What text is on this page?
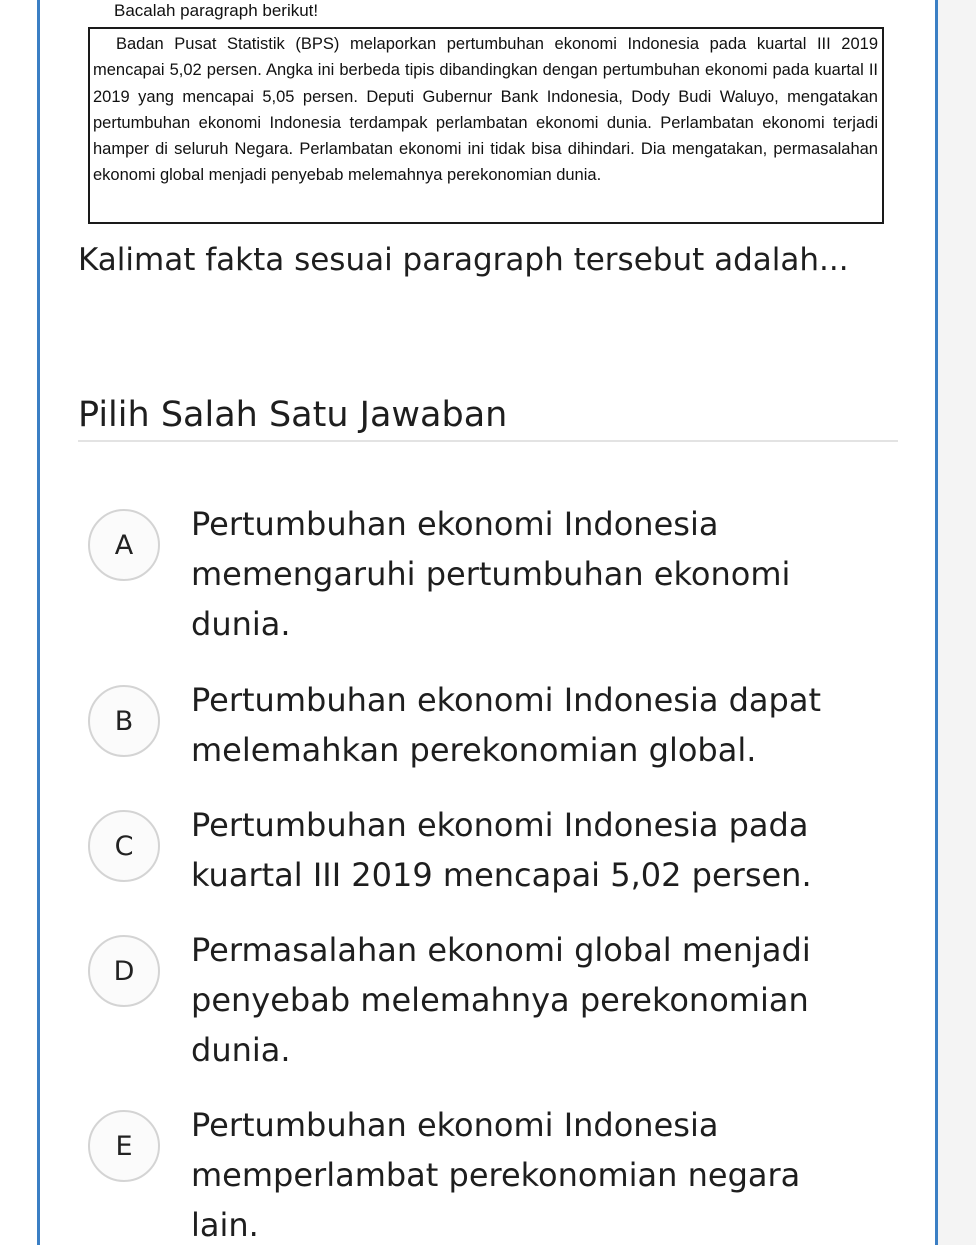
Bacalah paragraph berikut!

Badan Pusat Statistik (BPS) melaporkan pertumbuhan ekonomi Indonesia pada kuartal III 2019 mencapai 5,02 persen. Angka ini berbeda tipis dibandingkan dengan pertumbuhan ekonomi pada kuartal II 2019 yang mencapai 5,05 persen. Deputi Gubernur Bank Indonesia, Dody Budi Waluyo, mengatakan pertumbuhan ekonomi Indonesia terdampak perlambatan ekonomi dunia. Perlambatan ekonomi terjadi hamper di seluruh Negara. Perlambatan ekonomi ini tidak bisa dihindari. Dia mengatakan, permasalahan ekonomi global menjadi penyebab melemahnya perekonomian dunia.

Kalimat fakta sesuai paragraph tersebut adalah...
Pilih Salah Satu Jawaban
A
Pertumbuhan ekonomi Indonesia memengaruhi pertumbuhan ekonomi dunia.
B
Pertumbuhan ekonomi Indonesia dapat melemahkan perekonomian global.
C
Pertumbuhan ekonomi Indonesia pada kuartal III 2019 mencapai 5,02 persen.
D
Permasalahan ekonomi global menjadi penyebab melemahnya perekonomian dunia.
E
Pertumbuhan ekonomi Indonesia memperlambat perekonomian negara lain.
